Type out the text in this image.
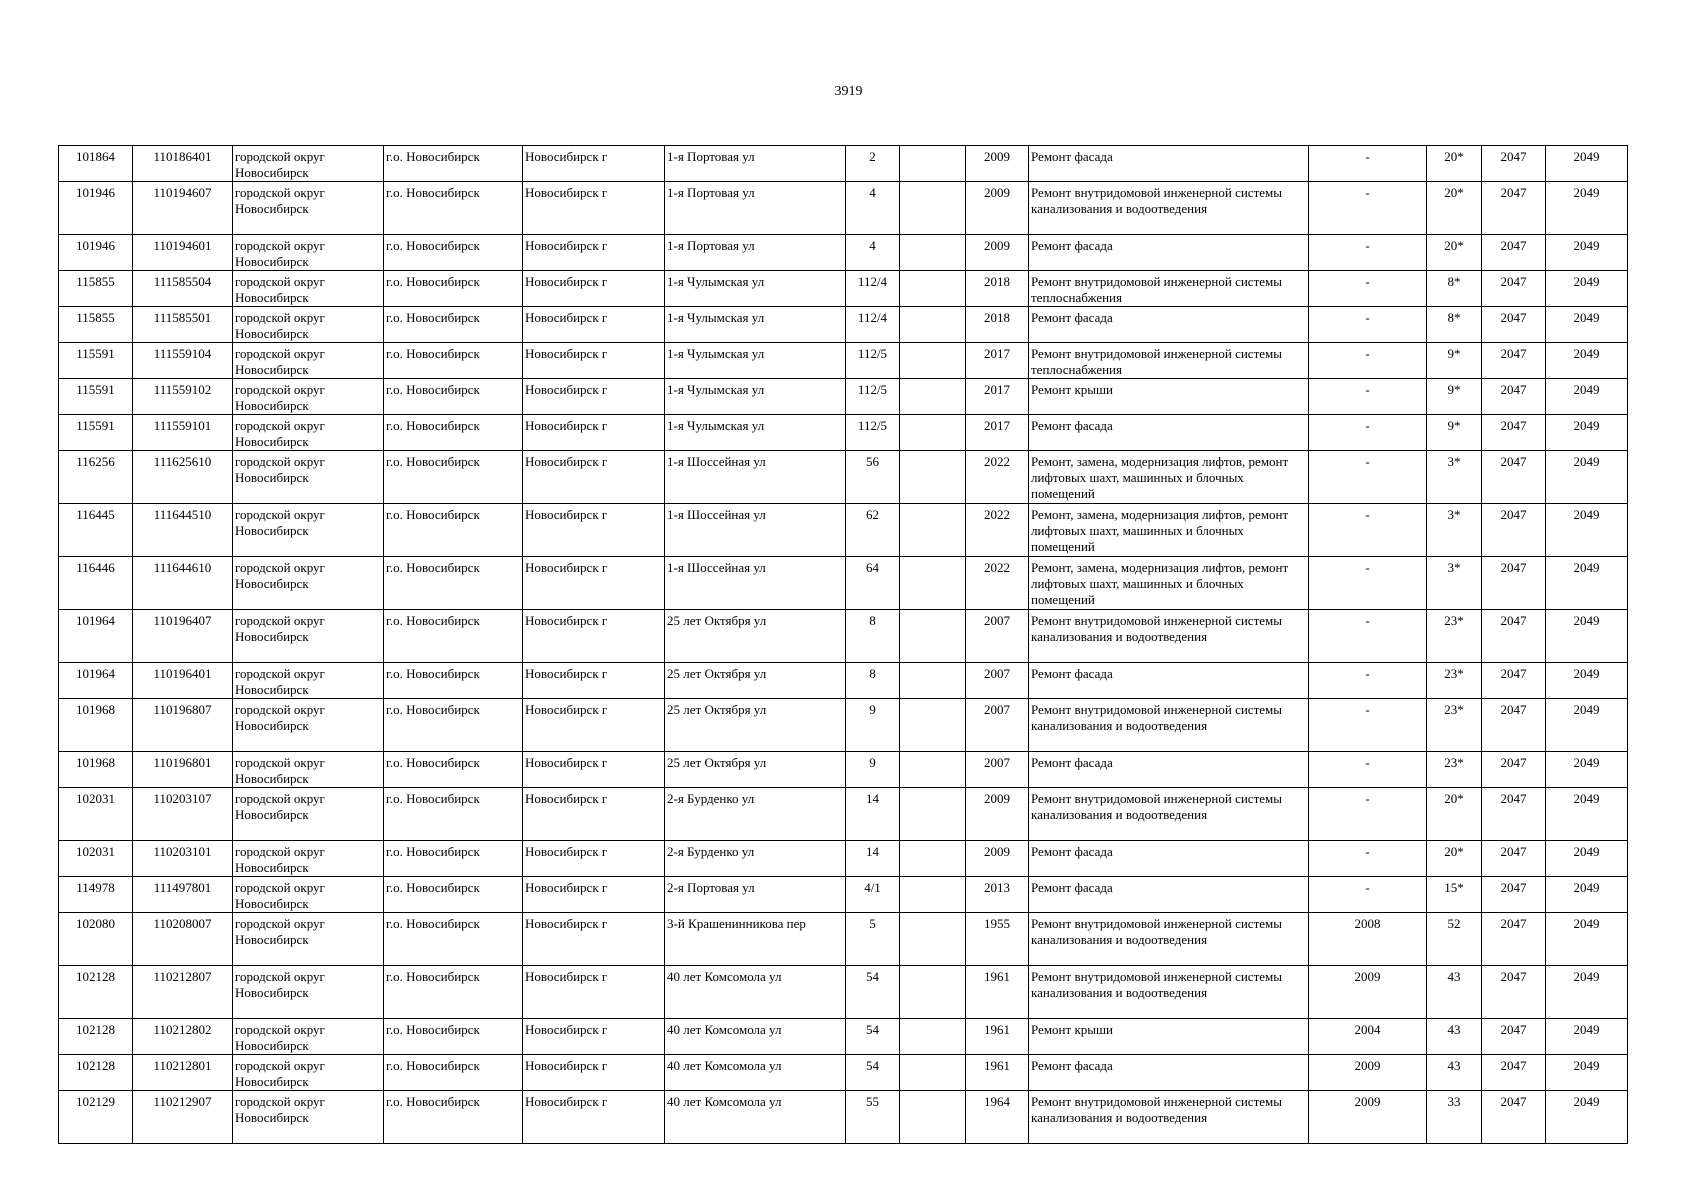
3919
101864	110186401	городской округ Новосибирск	г.о. Новосибирск	Новосибирск г	1-я Портовая ул	2		2009	Ремонт фасада	-	20*	2047	2049
101946	110194607	городской округ Новосибирск	г.о. Новосибирск	Новосибирск г	1-я Портовая ул	4		2009	Ремонт внутридомовой инженерной системы канализования и водоотведения	-	20*	2047	2049
101946	110194601	городской округ Новосибирск	г.о. Новосибирск	Новосибирск г	1-я Портовая ул	4		2009	Ремонт фасада	-	20*	2047	2049
115855	111585504	городской округ Новосибирск	г.о. Новосибирск	Новосибирск г	1-я Чулымская ул	112/4		2018	Ремонт внутридомовой инженерной системы теплоснабжения	-	8*	2047	2049
115855	111585501	городской округ Новосибирск	г.о. Новосибирск	Новосибирск г	1-я Чулымская ул	112/4		2018	Ремонт фасада	-	8*	2047	2049
115591	111559104	городской округ Новосибирск	г.о. Новосибирск	Новосибирск г	1-я Чулымская ул	112/5		2017	Ремонт внутридомовой инженерной системы теплоснабжения	-	9*	2047	2049
115591	111559102	городской округ Новосибирск	г.о. Новосибирск	Новосибирск г	1-я Чулымская ул	112/5		2017	Ремонт крыши	-	9*	2047	2049
115591	111559101	городской округ Новосибирск	г.о. Новосибирск	Новосибирск г	1-я Чулымская ул	112/5		2017	Ремонт фасада	-	9*	2047	2049
116256	111625610	городской округ Новосибирск	г.о. Новосибирск	Новосибирск г	1-я Шоссейная ул	56		2022	Ремонт, замена, модернизация лифтов, ремонт лифтовых шахт, машинных и блочных помещений	-	3*	2047	2049
116445	111644510	городской округ Новосибирск	г.о. Новосибирск	Новосибирск г	1-я Шоссейная ул	62		2022	Ремонт, замена, модернизация лифтов, ремонт лифтовых шахт, машинных и блочных помещений	-	3*	2047	2049
116446	111644610	городской округ Новосибирск	г.о. Новосибирск	Новосибирск г	1-я Шоссейная ул	64		2022	Ремонт, замена, модернизация лифтов, ремонт лифтовых шахт, машинных и блочных помещений	-	3*	2047	2049
101964	110196407	городской округ Новосибирск	г.о. Новосибирск	Новосибирск г	25 лет Октября ул	8		2007	Ремонт внутридомовой инженерной системы канализования и водоотведения	-	23*	2047	2049
101964	110196401	городской округ Новосибирск	г.о. Новосибирск	Новосибирск г	25 лет Октября ул	8		2007	Ремонт фасада	-	23*	2047	2049
101968	110196807	городской округ Новосибирск	г.о. Новосибирск	Новосибирск г	25 лет Октября ул	9		2007	Ремонт внутридомовой инженерной системы канализования и водоотведения	-	23*	2047	2049
101968	110196801	городской округ Новосибирск	г.о. Новосибирск	Новосибирск г	25 лет Октября ул	9		2007	Ремонт фасада	-	23*	2047	2049
102031	110203107	городской округ Новосибирск	г.о. Новосибирск	Новосибирск г	2-я Бурденко ул	14		2009	Ремонт внутридомовой инженерной системы канализования и водоотведения	-	20*	2047	2049
102031	110203101	городской округ Новосибирск	г.о. Новосибирск	Новосибирск г	2-я Бурденко ул	14		2009	Ремонт фасада	-	20*	2047	2049
114978	111497801	городской округ Новосибирск	г.о. Новосибирск	Новосибирск г	2-я Портовая ул	4/1		2013	Ремонт фасада	-	15*	2047	2049
102080	110208007	городской округ Новосибирск	г.о. Новосибирск	Новосибирск г	3-й Крашенинникова пер	5		1955	Ремонт внутридомовой инженерной системы канализования и водоотведения	2008	52	2047	2049
102128	110212807	городской округ Новосибирск	г.о. Новосибирск	Новосибирск г	40 лет Комсомола ул	54		1961	Ремонт внутридомовой инженерной системы канализования и водоотведения	2009	43	2047	2049
102128	110212802	городской округ Новосибирск	г.о. Новосибирск	Новосибирск г	40 лет Комсомола ул	54		1961	Ремонт крыши	2004	43	2047	2049
102128	110212801	городской округ Новосибирск	г.о. Новосибирск	Новосибирск г	40 лет Комсомола ул	54		1961	Ремонт фасада	2009	43	2047	2049
102129	110212907	городской округ Новосибирск	г.о. Новосибирск	Новосибирск г	40 лет Комсомола ул	55		1964	Ремонт внутридомовой инженерной системы канализования и водоотведения	2009	33	2047	2049
